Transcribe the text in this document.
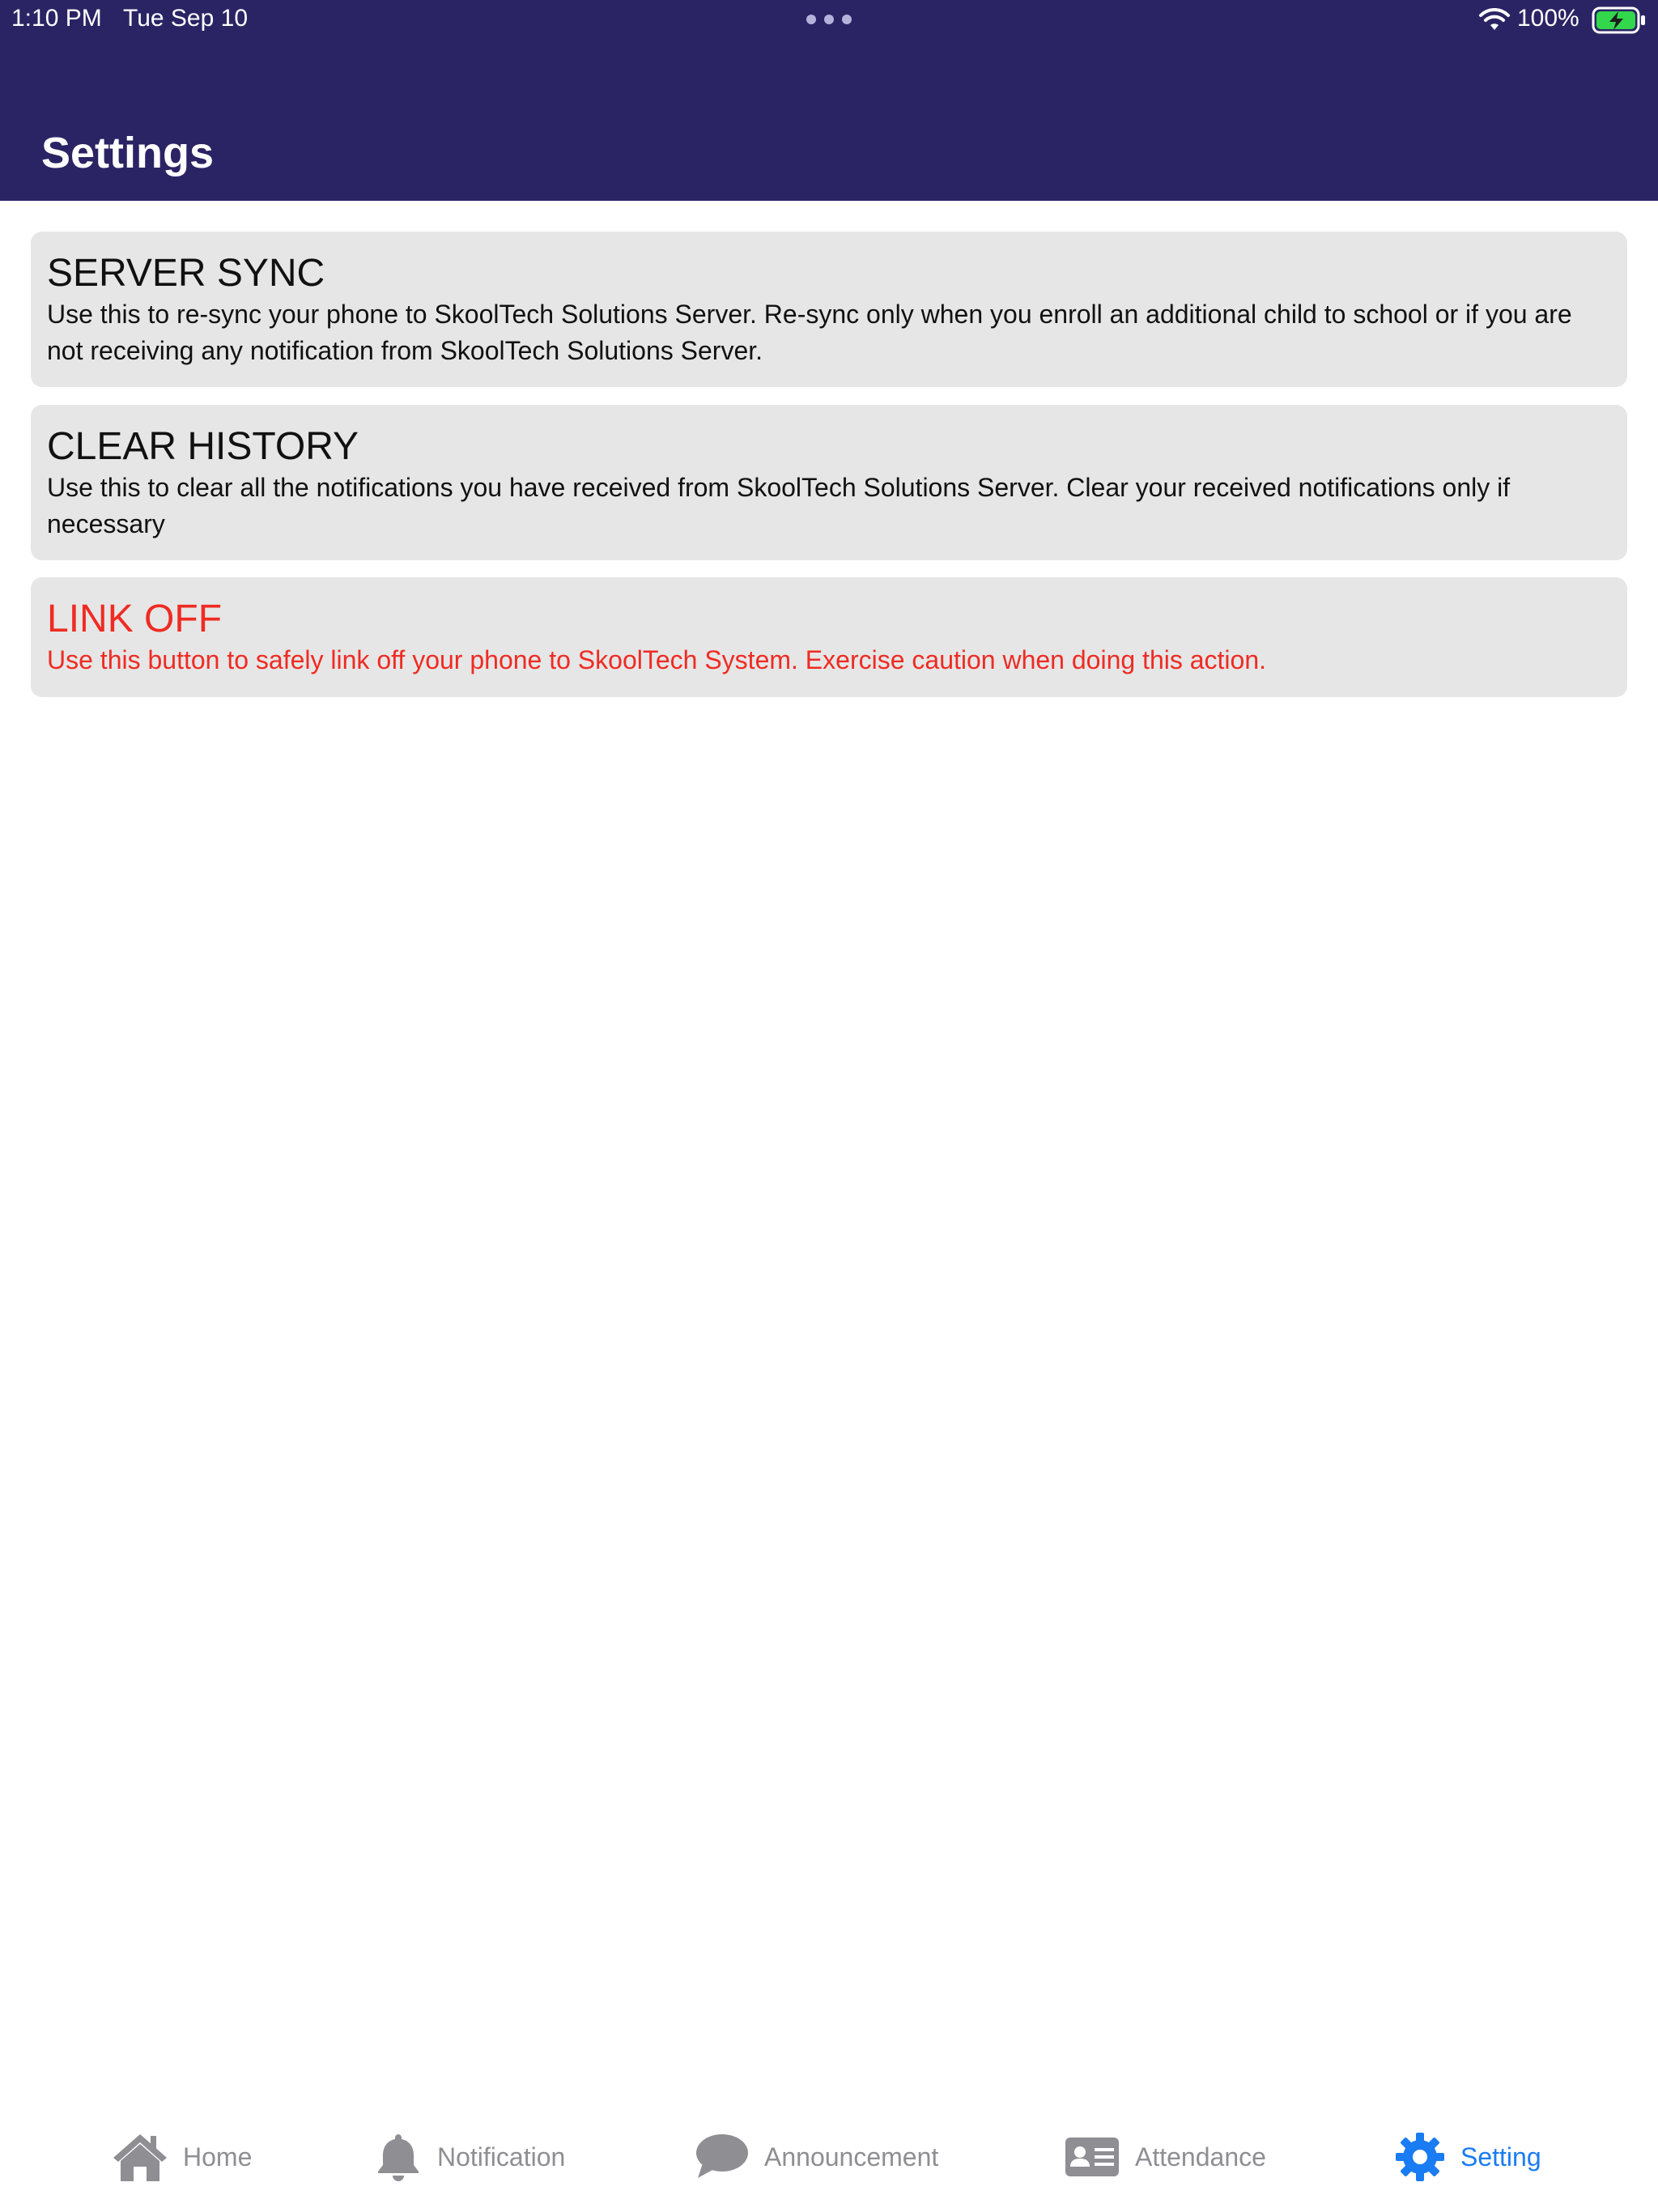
1:10 PM Tue Sep 10	100%
Settings
SERVER SYNC
Use this to re-sync your phone to SkoolTech Solutions Server. Re-sync only when you enroll an additional child to school or if you are not receiving any notification from SkoolTech Solutions Server.
CLEAR HISTORY
Use this to clear all the notifications you have received from SkoolTech Solutions Server. Clear your received notifications only if necessary
LINK OFF
Use this button to safely link off your phone to SkoolTech System. Exercise caution when doing this action.
Home	Notification	Announcement	Attendance	Setting
